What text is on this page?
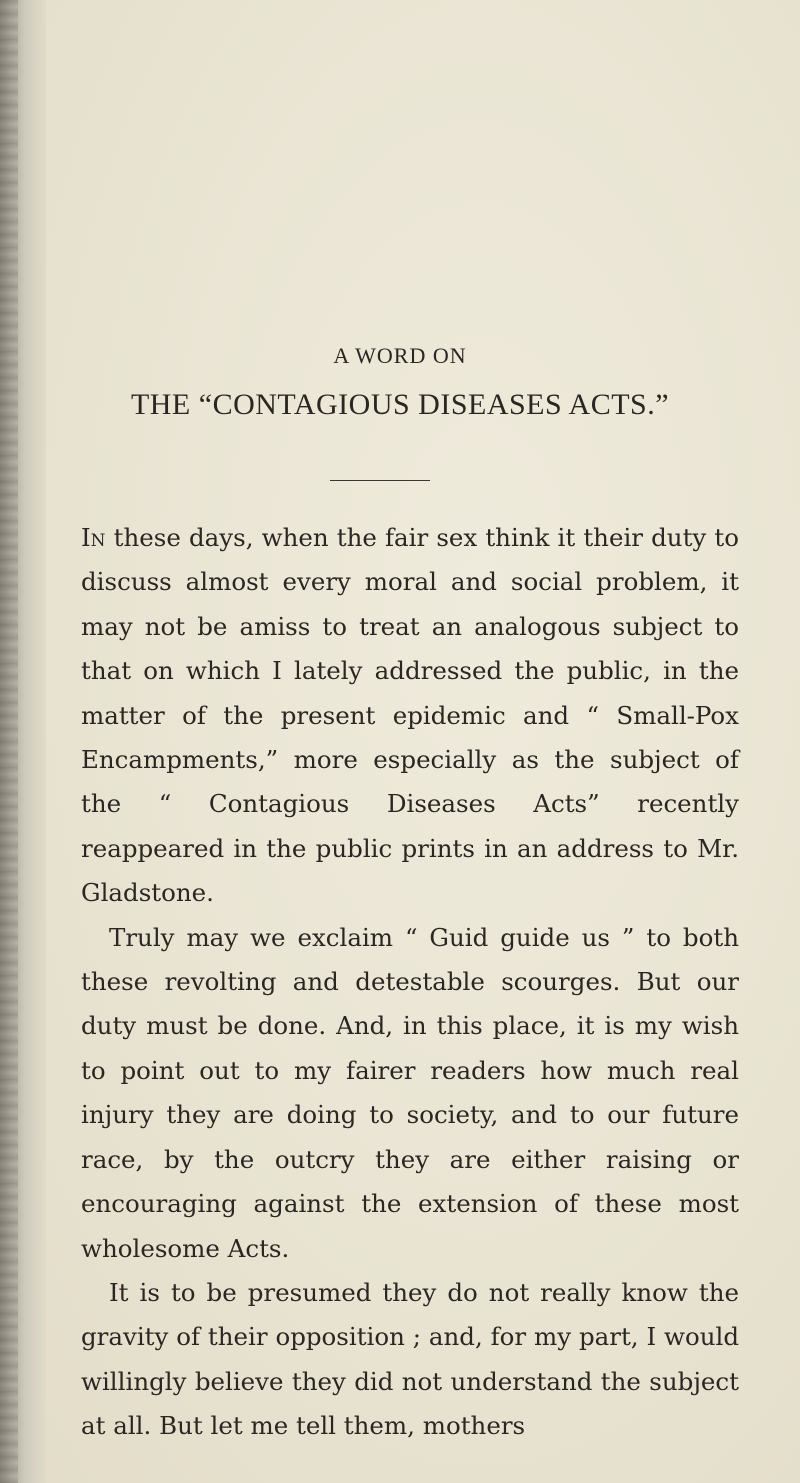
A WORD ON
THE “CONTAGIOUS DISEASES ACTS.”

In these days, when the fair sex think it their duty to discuss almost every moral and social problem, it may not be amiss to treat an analogous subject to that on which I lately addressed the public, in the matter of the present epidemic and “ Small-Pox Encampments,” more especially as the subject of the “ Contagious Diseases Acts” recently reappeared in the public prints in an address to Mr. Gladstone.

Truly may we exclaim “ Guid guide us ” to both these revolting and detestable scourges. But our duty must be done. And, in this place, it is my wish to point out to my fairer readers how much real injury they are doing to society, and to our future race, by the outcry they are either raising or encouraging against the extension of these most wholesome Acts.

It is to be presumed they do not really know the gravity of their opposition ; and, for my part, I would willingly believe they did not understand the subject at all. But let me tell them, mothers
